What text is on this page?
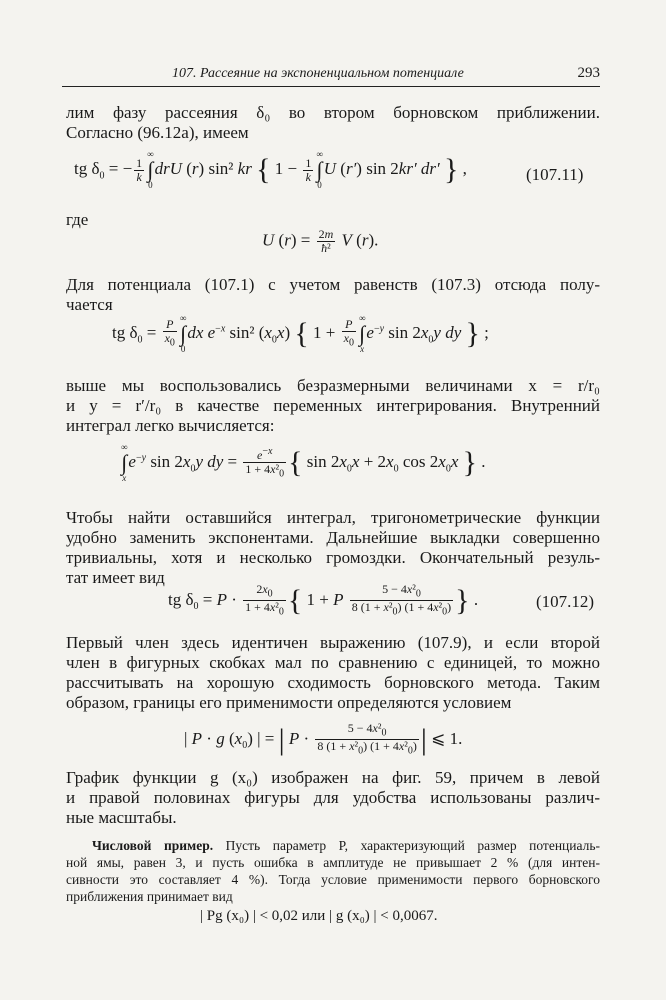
107. Рассеяние на экспоненциальном потенциале	293
лим фазу рассеяния δ₀ во втором борновском приближении.
Согласно (96.12а), имеем
tg $\delta_0$ = − $\frac{1}{k}$
∞
∫
0drU (r) sin² kr { $1 - \frac{1}{k}$
∞
∫
0U (r′) sin 2kr′ dr′ } ,	(107.11)
где
U $(r) = \frac{2m}{\text{ħ²}}$ V (r).
Для потенциала (107.1) с учетом равенств (107.3) отсюда полу-
чается
tg $\delta_0 = \frac{P}{x_0}$
∞
∫
0dx $e^{-x}$ sin² $(x_0x)$ { $1 + \frac{P}{x_0}$
∞
∫
$xe^{-y}$ $\sin 2x_0y$ dy } ;
выше мы воспользовались безразмерными величинами x = r/r₀
и y = r′/r₀ в качестве переменных интегрирования. Внутренний
интеграл легко вычисляется:
∞
∫
$xe^{-y}$ $\sin 2x_0y$ dy = $\frac{e^{-x}}{1 + 4x^2_0}$ { $\sin 2x_0x + 2x_0$ $\cos 2x_0x$ } .
Чтобы найти оставшийся интеграл, тригонометрические функции
удобно заменить экспонентами. Дальнейшие выкладки совершенно
тривиальны, хотя и несколько громоздки. Окончательный резуль-
тат имеет вид
tg $\delta_0 = P \cdot \frac{2x_0}{1 + 4x^2_0}$ { 1 + P $\frac{5 - 4x^2_0}{8 (1 + x^2_0) (1 + 4x^2_0)}$ } .	(107.12)
Первый член здесь идентичен выражению (107.9), и если второй
член в фигурных скобках мал по сравнению с единицей, то можно
рассчитывать на хорошую сходимость борновского метода. Таким
образом, границы его применимости определяются условием
| P · g $(x_0)$ | = | $P \cdot \frac{5 - 4x^2_0}{8 (1 + x^2_0) (1 + 4x^2_0)}$ | ⩽ 1.
График функции g (x₀) изображен на фиг. 59, причем в левой
и правой половинах фигуры для удобства использованы различ-
ные масштабы.
Числовой пример. Пусть параметр P, характеризующий размер потенциаль-
ной ямы, равен 3, и пусть ошибка в амплитуде не привышает 2 % (для интен-
сивности это составляет 4 %). Тогда условие применимости первого борновского
приближения принимает вид
| Pg (x₀) | < 0,02 или | g (x₀) | < 0,0067.
